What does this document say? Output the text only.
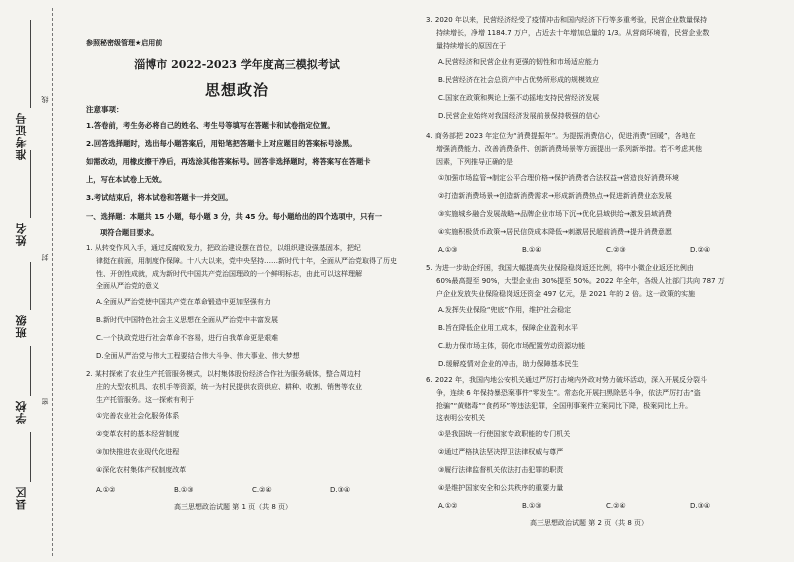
县区
学校
班级
姓名
准考证号
线
封
密
参照秘密级管理★启用前
淄博市 2022-2023 学年度高三模拟考试
思想政治
注意事项：
1.答卷前，考生务必将自己的姓名、考生号等填写在答题卡和试卷指定位置。
2.回答选择题时，选出每小题答案后，用铅笔把答题卡上对应题目的答案标号涂黑。
如需改动，用橡皮擦干净后，再选涂其他答案标号。回答非选择题时，将答案写在答题卡
上，写在本试卷上无效。
3.考试结束后，将本试卷和答题卡一并交回。
一、选择题：本题共 15 小题，每小题 3 分，共 45 分。每小题给出的四个选项中，只有一
项符合题目要求。
1. 从转变作风入手，通过反腐败发力，把政治建设摆在首位，以组织建设强基固本，把纪
律挺在前面，用制度作保障。十八大以来，党中央坚持……新时代十年，全面从严治党取得了历史
性、开创性成就，成为新时代中国共产党治国理政的一个鲜明标志，由此可以这样理解
全面从严治党的意义
A.全面从严治党使中国共产党在革命锻造中更加坚强有力
B.新时代中国特色社会主义思想在全面从严治党中丰富发展
C.一个执政党进行社会革命不容易，进行自我革命更是艰难
D.全面从严治党与伟大工程要结合伟大斗争、伟大事业、伟大梦想
2. 某村探索了农业生产托管服务模式，以村集体股份经济合作社为服务载体，整合周边村
庄的大型农机具、农机手等资源，统一为村民提供农资供应、耕种、收割、销售等农业
生产托管服务。这一探索有利于
①完善农业社会化服务体系
②变革农村的基本经营制度
③加快推进农业现代化进程
④深化农村集体产权制度改革
A.①②	B.①③	C.②④	D.③④
高三思想政治试题 第 1 页（共 8 页）
3. 2020 年以来，民营经济经受了疫情冲击和国内经济下行等多重考验，民营企业数量保持
持续增长，净增 1184.7 万户，占近去十年增加总量的 1/3。从营商环境看，民营企业数
量持续增长的原因在于
A.民营经济和民营企业有更强的韧性和市场适应能力
B.民营经济在社会总资产中占优势所形成的规模效应
C.国家在政策和舆论上强不动摇地支持民营经济发展
D.民营企业始终对我国经济发展前景保持极强的信心
4. 商务部把 2023 年定位为“消费提振年”。为提振消费信心，促进消费“回暖”，各地在
增强消费能力、改善消费条件、创新消费场景等方面提出一系列新举措。若不考虑其他
因素，下列推导正确的是
①加强市场监管→制定公平合理价格→保护消费者合法权益→营造良好消费环境
②打造新消费场景→创造新消费需求→形成新消费热点→促进新消费业态发展
③实施城乡融合发展战略→品牌企业市场下沉→优化县域供给→激发县域消费
④实施积极货币政策→居民信贷成本降低→刺激居民超前消费→提升消费意愿
A.①③	B.①④	C.②③	D.②④
5. 为进一步助企纾困，我国大幅提高失业保险稳岗返还比例，将中小微企业返还比例由
60%最高提至 90%，大型企业由 30%提至 50%。2022 年全年，各级人社部门共向 787 万
户企业发放失业保险稳岗返还资金 497 亿元，是 2021 年的 2 倍。这一政策的实施
A.发挥失业保险“兜底”作用，维护社会稳定
B.旨在降低企业用工成本，保障企业盈利水平
C.助力保市场主体，弱化市场配置劳动资源功能
D.缓解疫情对企业的冲击，助力保障基本民生
6. 2022 年，我国内地公安机关通过严厉打击境内外政对势力破坏活动，深入开展反分裂斗
争，连续 6 年保持暴恐案事件“零发生”。常态化开展扫黑除恶斗争，依法严厉打击“盗
抢骗”“黄赌毒”“食药环”等违法犯罪，全国刑事案件立案同比下降，极案同比上升。
这表明公安机关
①是我国统一行使国家专政职能的专门机关
②通过严格执法坚决捍卫法律权威与尊严
③履行法律监督机关依法打击犯罪的职责
④是维护国家安全和公共秩序的重要力量
A.①②	B.①③	C.②④	D.③④
高三思想政治试题 第 2 页（共 8 页）
